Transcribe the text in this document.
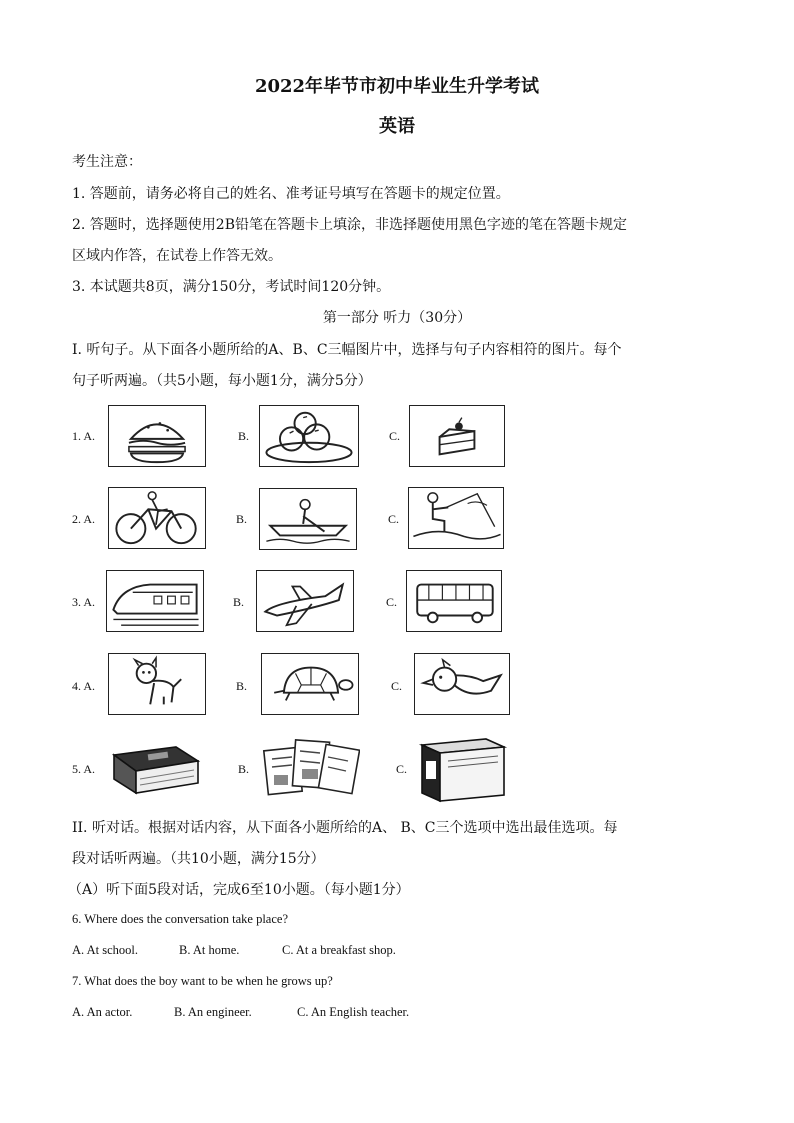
2022年毕节市初中毕业生升学考试
英语
考生注意：
1. 答题前，请务必将自己的姓名、准考证号填写在答题卡的规定位置。
2. 答题时，选择题使用2B铅笔在答题卡上填涂，非选择题使用黑色字迹的笔在答题卡规定
区域内作答，在试卷上作答无效。
3. 本试题共8页，满分150分，考试时间120分钟。
第一部分 听力（30分）
I. 听句子。从下面各小题所给的A、B、C三幅图片中，选择与句子内容相符的图片。每个
句子听两遍。（共5小题，每小题1分，满分5分）
1. A.	B.	C.
2. A.	B.	C.
3. A.	B.	C.
4. A.	B.	C.
5. A.	B.	C.
II. 听对话。根据对话内容，从下面各小题所给的A、 B、C三个选项中选出最佳选项。每
段对话听两遍。（共10小题，满分15分）
（A）听下面5段对话，完成6至10小题。（每小题1分）
6. Where does the conversation take place?
A. At school.	B. At home.	C. At a breakfast shop.
7. What does the boy want to be when he grows up?
A. An actor.	B. An engineer.	C. An English teacher.
